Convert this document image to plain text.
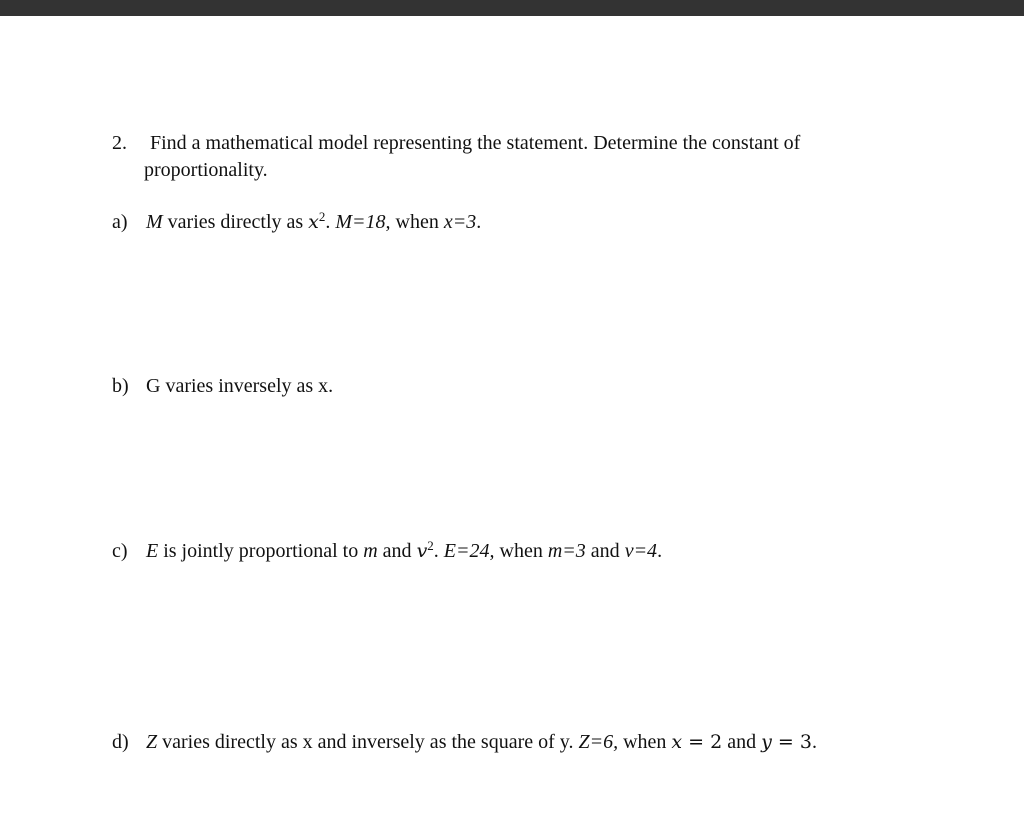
2. Find a mathematical model representing the statement. Determine the constant of
proportionality.
a) M varies directly as $x^2$. M=18, when x=3.
b) G varies inversely as x.
c) E is jointly proportional to m and $v^2$. E=24, when m=3 and v=4.
d) Z varies directly as x and inversely as the square of y. Z=6, when x = 2 and y = 3.
